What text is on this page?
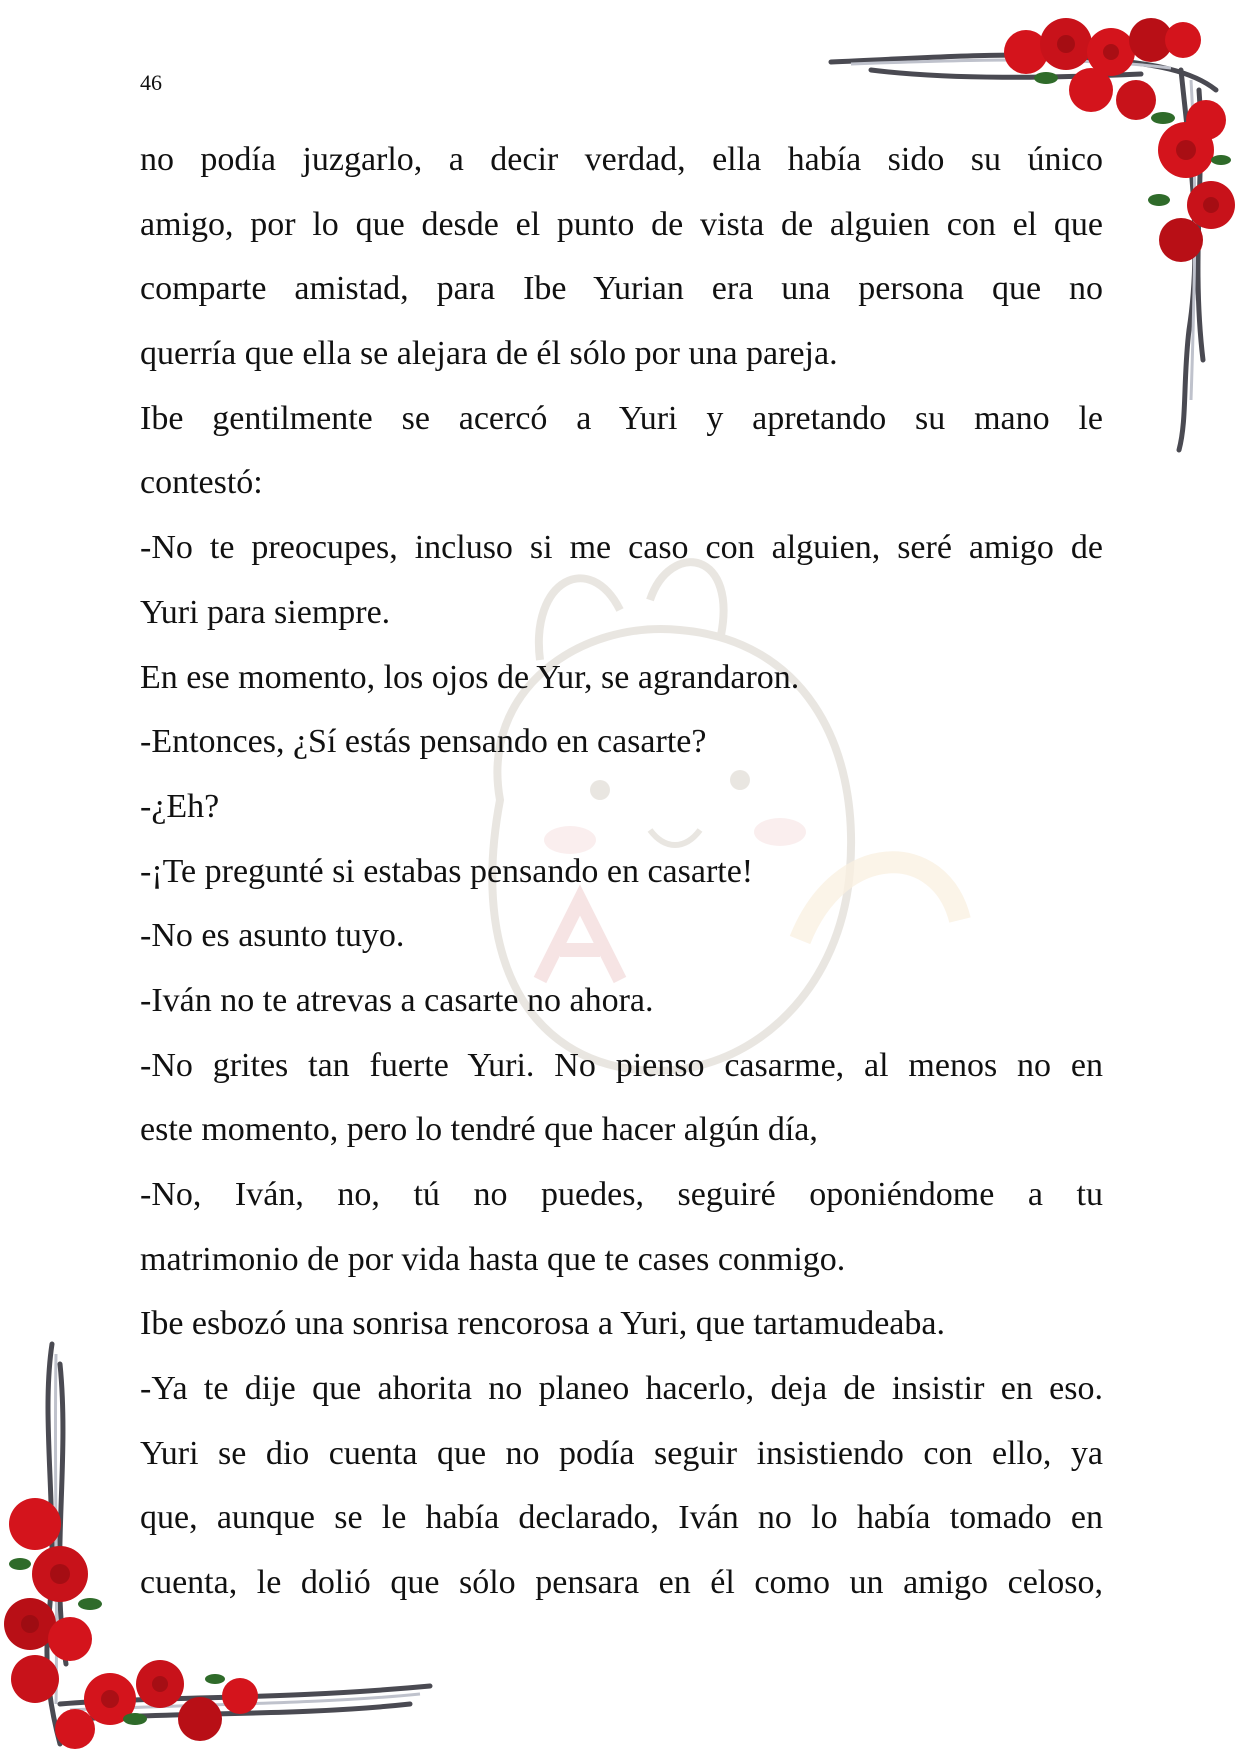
46
no podía juzgarlo, a decir verdad, ella había sido su único
amigo, por lo que desde el punto de vista de alguien con el que
comparte amistad, para Ibe Yurian era una persona que no
querría que ella se alejara de él sólo por una pareja.
Ibe gentilmente se acercó a Yuri y apretando su mano le
contestó:
-No te preocupes, incluso si me caso con alguien, seré amigo de
Yuri para siempre.
En ese momento, los ojos de Yur, se agrandaron.
-Entonces, ¿Sí estás pensando en casarte?
-¿Eh?
-¡Te pregunté si estabas pensando en casarte!
-No es asunto tuyo.
-Iván no te atrevas a casarte no ahora.
-No grites tan fuerte Yuri. No pienso casarme, al menos no en
este momento, pero lo tendré que hacer algún día,
-No, Iván, no, tú no puedes, seguiré oponiéndome a tu
matrimonio de por vida hasta que te cases conmigo.
Ibe esbozó una sonrisa rencorosa a Yuri, que tartamudeaba.
-Ya te dije que ahorita no planeo hacerlo, deja de insistir en eso.
Yuri se dio cuenta que no podía seguir insistiendo con ello, ya
que, aunque se le había declarado, Iván no lo había tomado en
cuenta, le dolió que sólo pensara en él como un amigo celoso,
